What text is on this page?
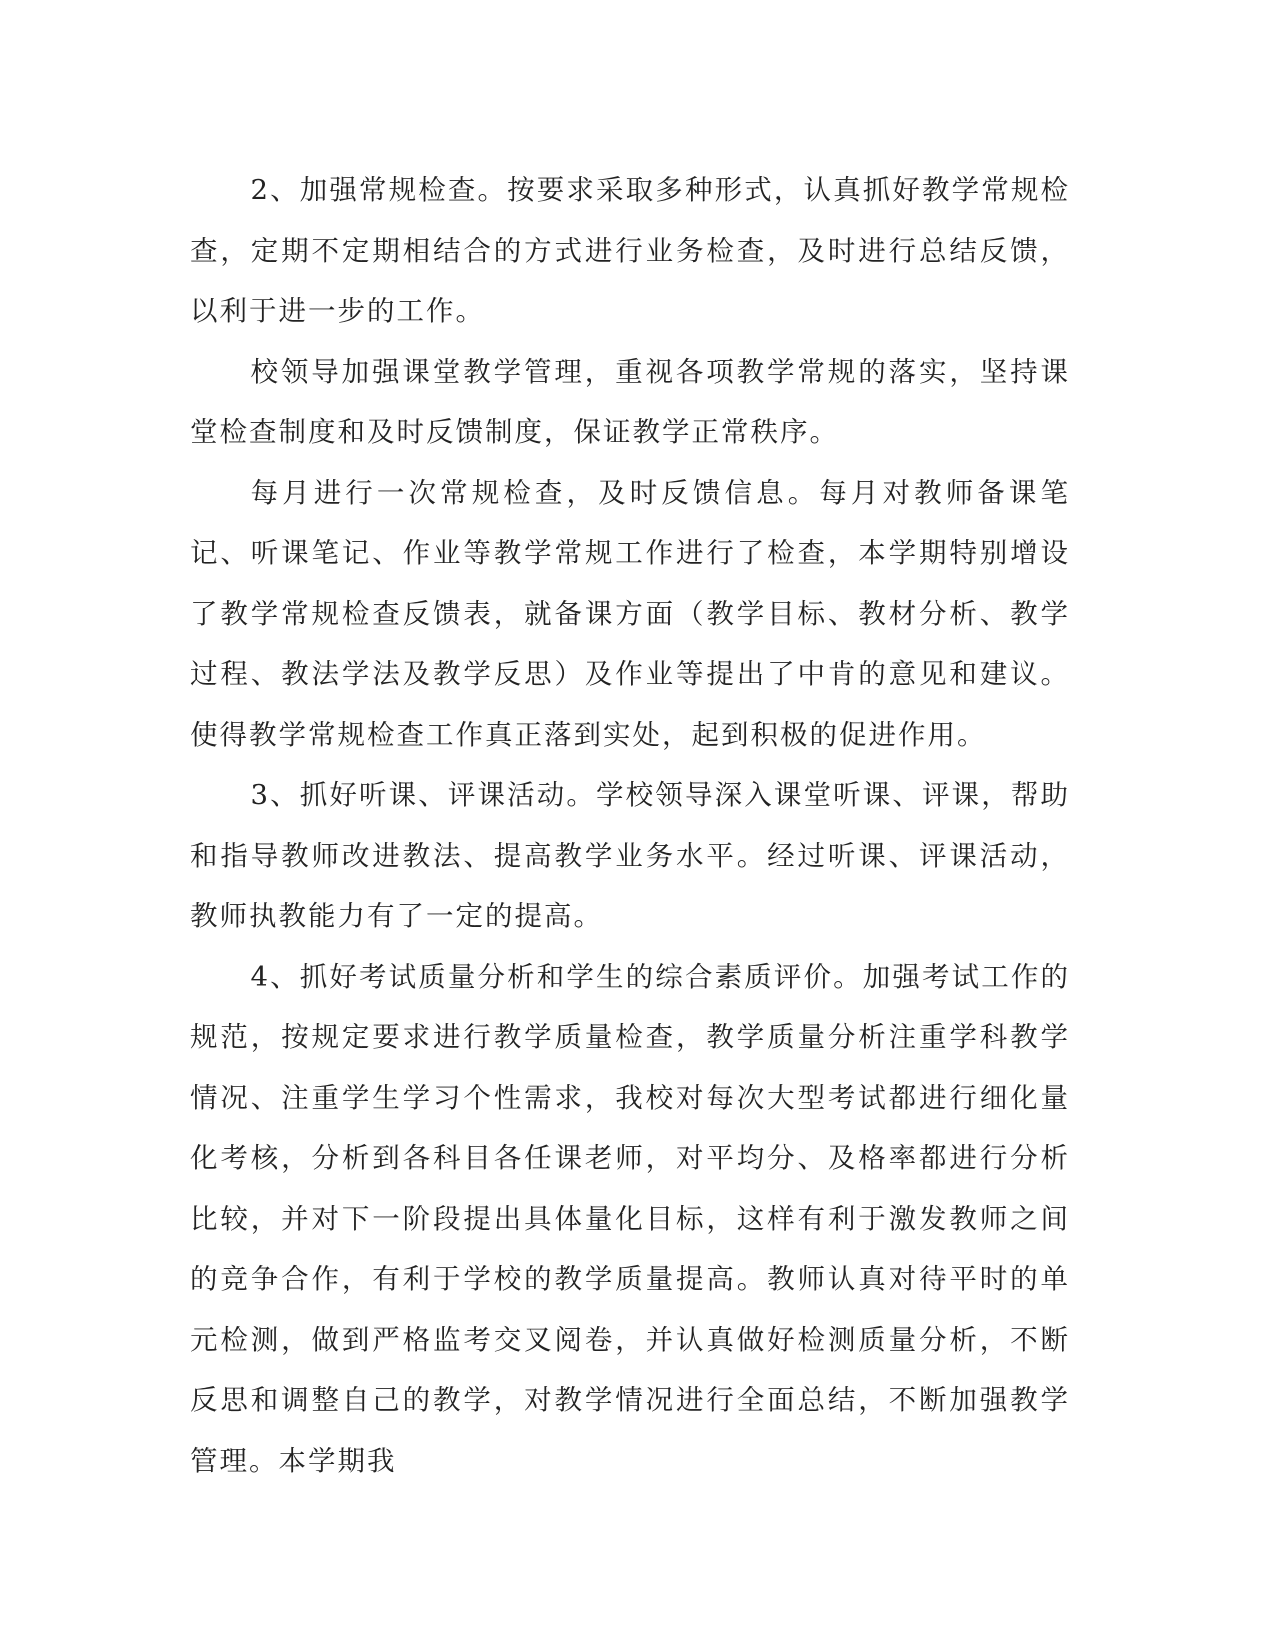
2、加强常规检查。按要求采取多种形式，认真抓好教学常规检查，定期不定期相结合的方式进行业务检查，及时进行总结反馈，以利于进一步的工作。

校领导加强课堂教学管理，重视各项教学常规的落实，坚持课堂检查制度和及时反馈制度，保证教学正常秩序。

每月进行一次常规检查，及时反馈信息。每月对教师备课笔记、听课笔记、作业等教学常规工作进行了检查，本学期特别增设了教学常规检查反馈表，就备课方面（教学目标、教材分析、教学过程、教法学法及教学反思）及作业等提出了中肯的意见和建议。使得教学常规检查工作真正落到实处，起到积极的促进作用。

3、抓好听课、评课活动。学校领导深入课堂听课、评课，帮助和指导教师改进教法、提高教学业务水平。经过听课、评课活动，教师执教能力有了一定的提高。

4、抓好考试质量分析和学生的综合素质评价。加强考试工作的规范，按规定要求进行教学质量检查，教学质量分析注重学科教学情况、注重学生学习个性需求，我校对每次大型考试都进行细化量化考核，分析到各科目各任课老师，对平均分、及格率都进行分析比较，并对下一阶段提出具体量化目标，这样有利于激发教师之间的竞争合作，有利于学校的教学质量提高。教师认真对待平时的单元检测，做到严格监考交叉阅卷，并认真做好检测质量分析，不断反思和调整自己的教学，对教学情况进行全面总结，不断加强教学管理。本学期我
